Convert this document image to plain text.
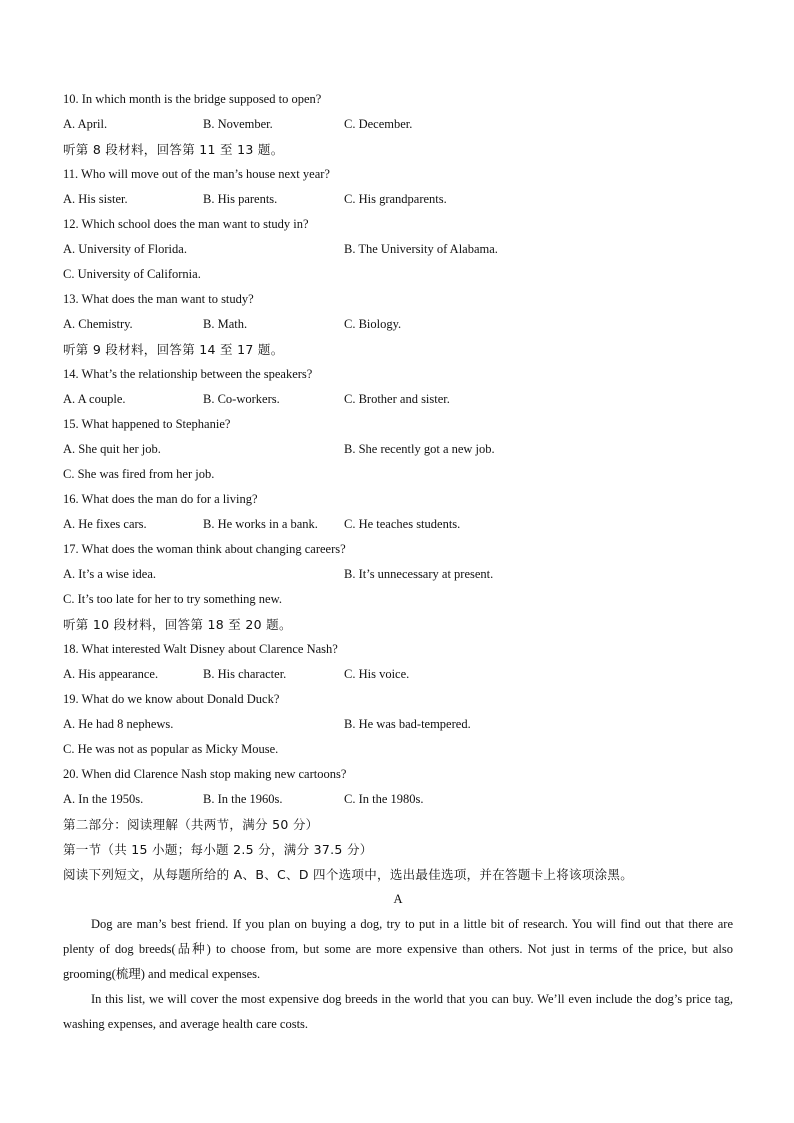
10. In which month is the bridge supposed to open?
A. April.	B. November.	C. December.
听第 8 段材料，回答第 11 至 13 题。
11. Who will move out of the man’s house next year?
A. His sister.	B. His parents.	C. His grandparents.
12. Which school does the man want to study in?
A. University of Florida.	B. The University of Alabama.
C. University of California.
13. What does the man want to study?
A. Chemistry.	B. Math.	C. Biology.
听第 9 段材料，回答第 14 至 17 题。
14. What’s the relationship between the speakers?
A. A couple.	B. Co-workers.	C. Brother and sister.
15. What happened to Stephanie?
A. She quit her job.	B. She recently got a new job.
C. She was fired from her job.
16. What does the man do for a living?
A. He fixes cars.	B. He works in a bank. C. He teaches students.
17. What does the woman think about changing careers?
A. It’s a wise idea.	B. It’s unnecessary at present.
C. It’s too late for her to try something new.
听第 10 段材料，回答第 18 至 20 题。
18. What interested Walt Disney about Clarence Nash?
A. His appearance.	B. His character.	C. His voice.
19. What do we know about Donald Duck?
A. He had 8 nephews.	B. He was bad-tempered.
C. He was not as popular as Micky Mouse.
20. When did Clarence Nash stop making new cartoons?
A. In the 1950s.	B. In the 1960s.	C. In the 1980s.
第二部分：阅读理解（共两节，满分 50 分）
第一节（共 15 小题；每小题 2.5 分，满分 37.5 分）
阅读下列短文，从每题所给的 A、B、C、D 四个选项中，选出最佳选项，并在答题卡上将该项涂黑。
A

Dog are man’s best friend. If you plan on buying a dog, try to put in a little bit of research. You will find out that there are plenty of dog breeds(品种) to choose from, but some are more expensive than others. Not just in terms of the price, but also grooming(梳理) and medical expenses.

In this list, we will cover the most expensive dog breeds in the world that you can buy. We’ll even include the dog’s price tag, washing expenses, and average health care costs.
